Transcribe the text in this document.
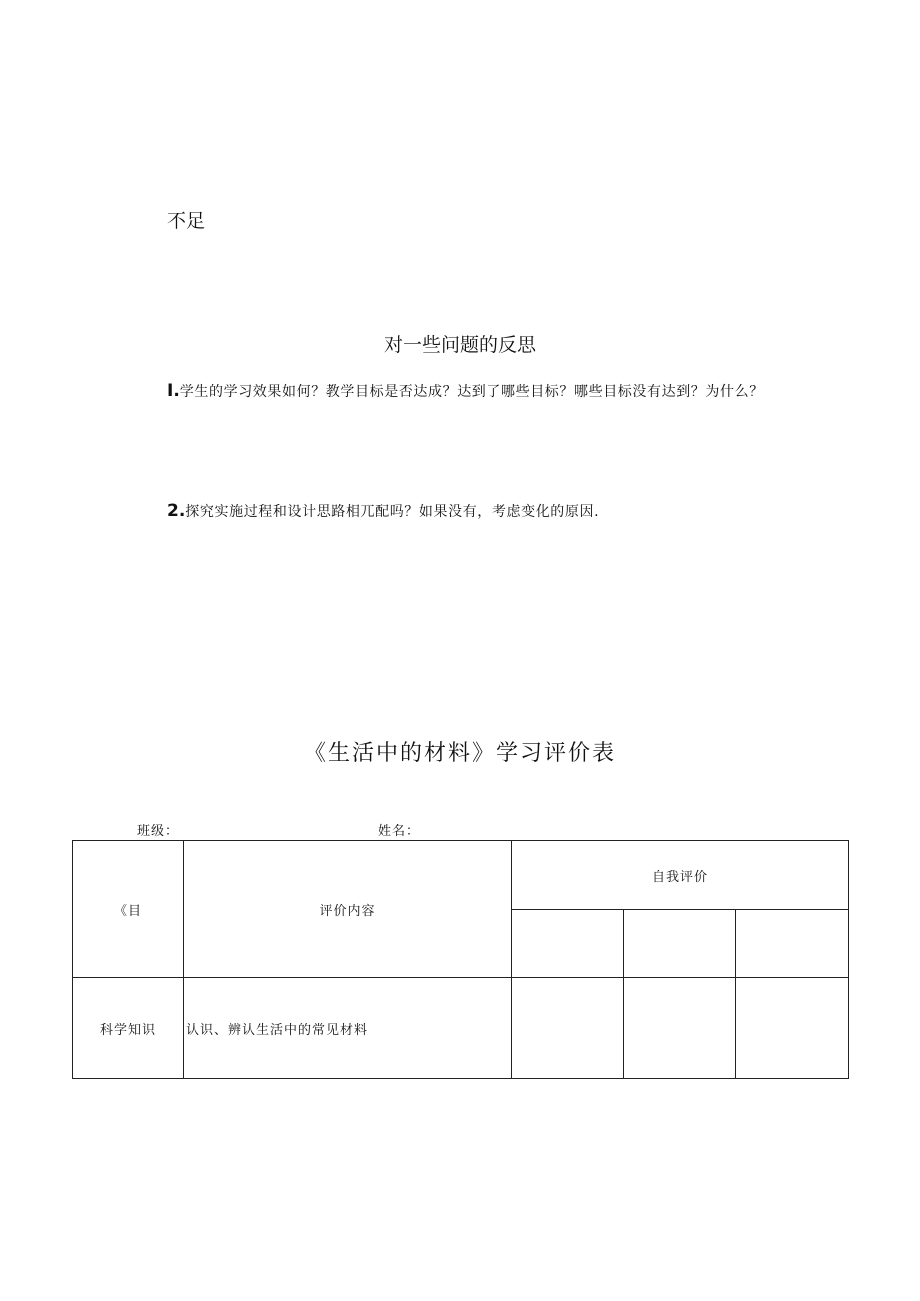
不足
对一些问题的反思
I.学生的学习效果如何？教学目标是否达成？达到了哪些目标？哪些目标没有达到？为什么？
2.探究实施过程和设计思路相兀配吗？如果没有，考虑变化的原因.
《生活中的材料》学习评价表
班级：	姓名：
《目	评价内容	自我评价		

科学知识	认识、辨认生活中的常见材料			
